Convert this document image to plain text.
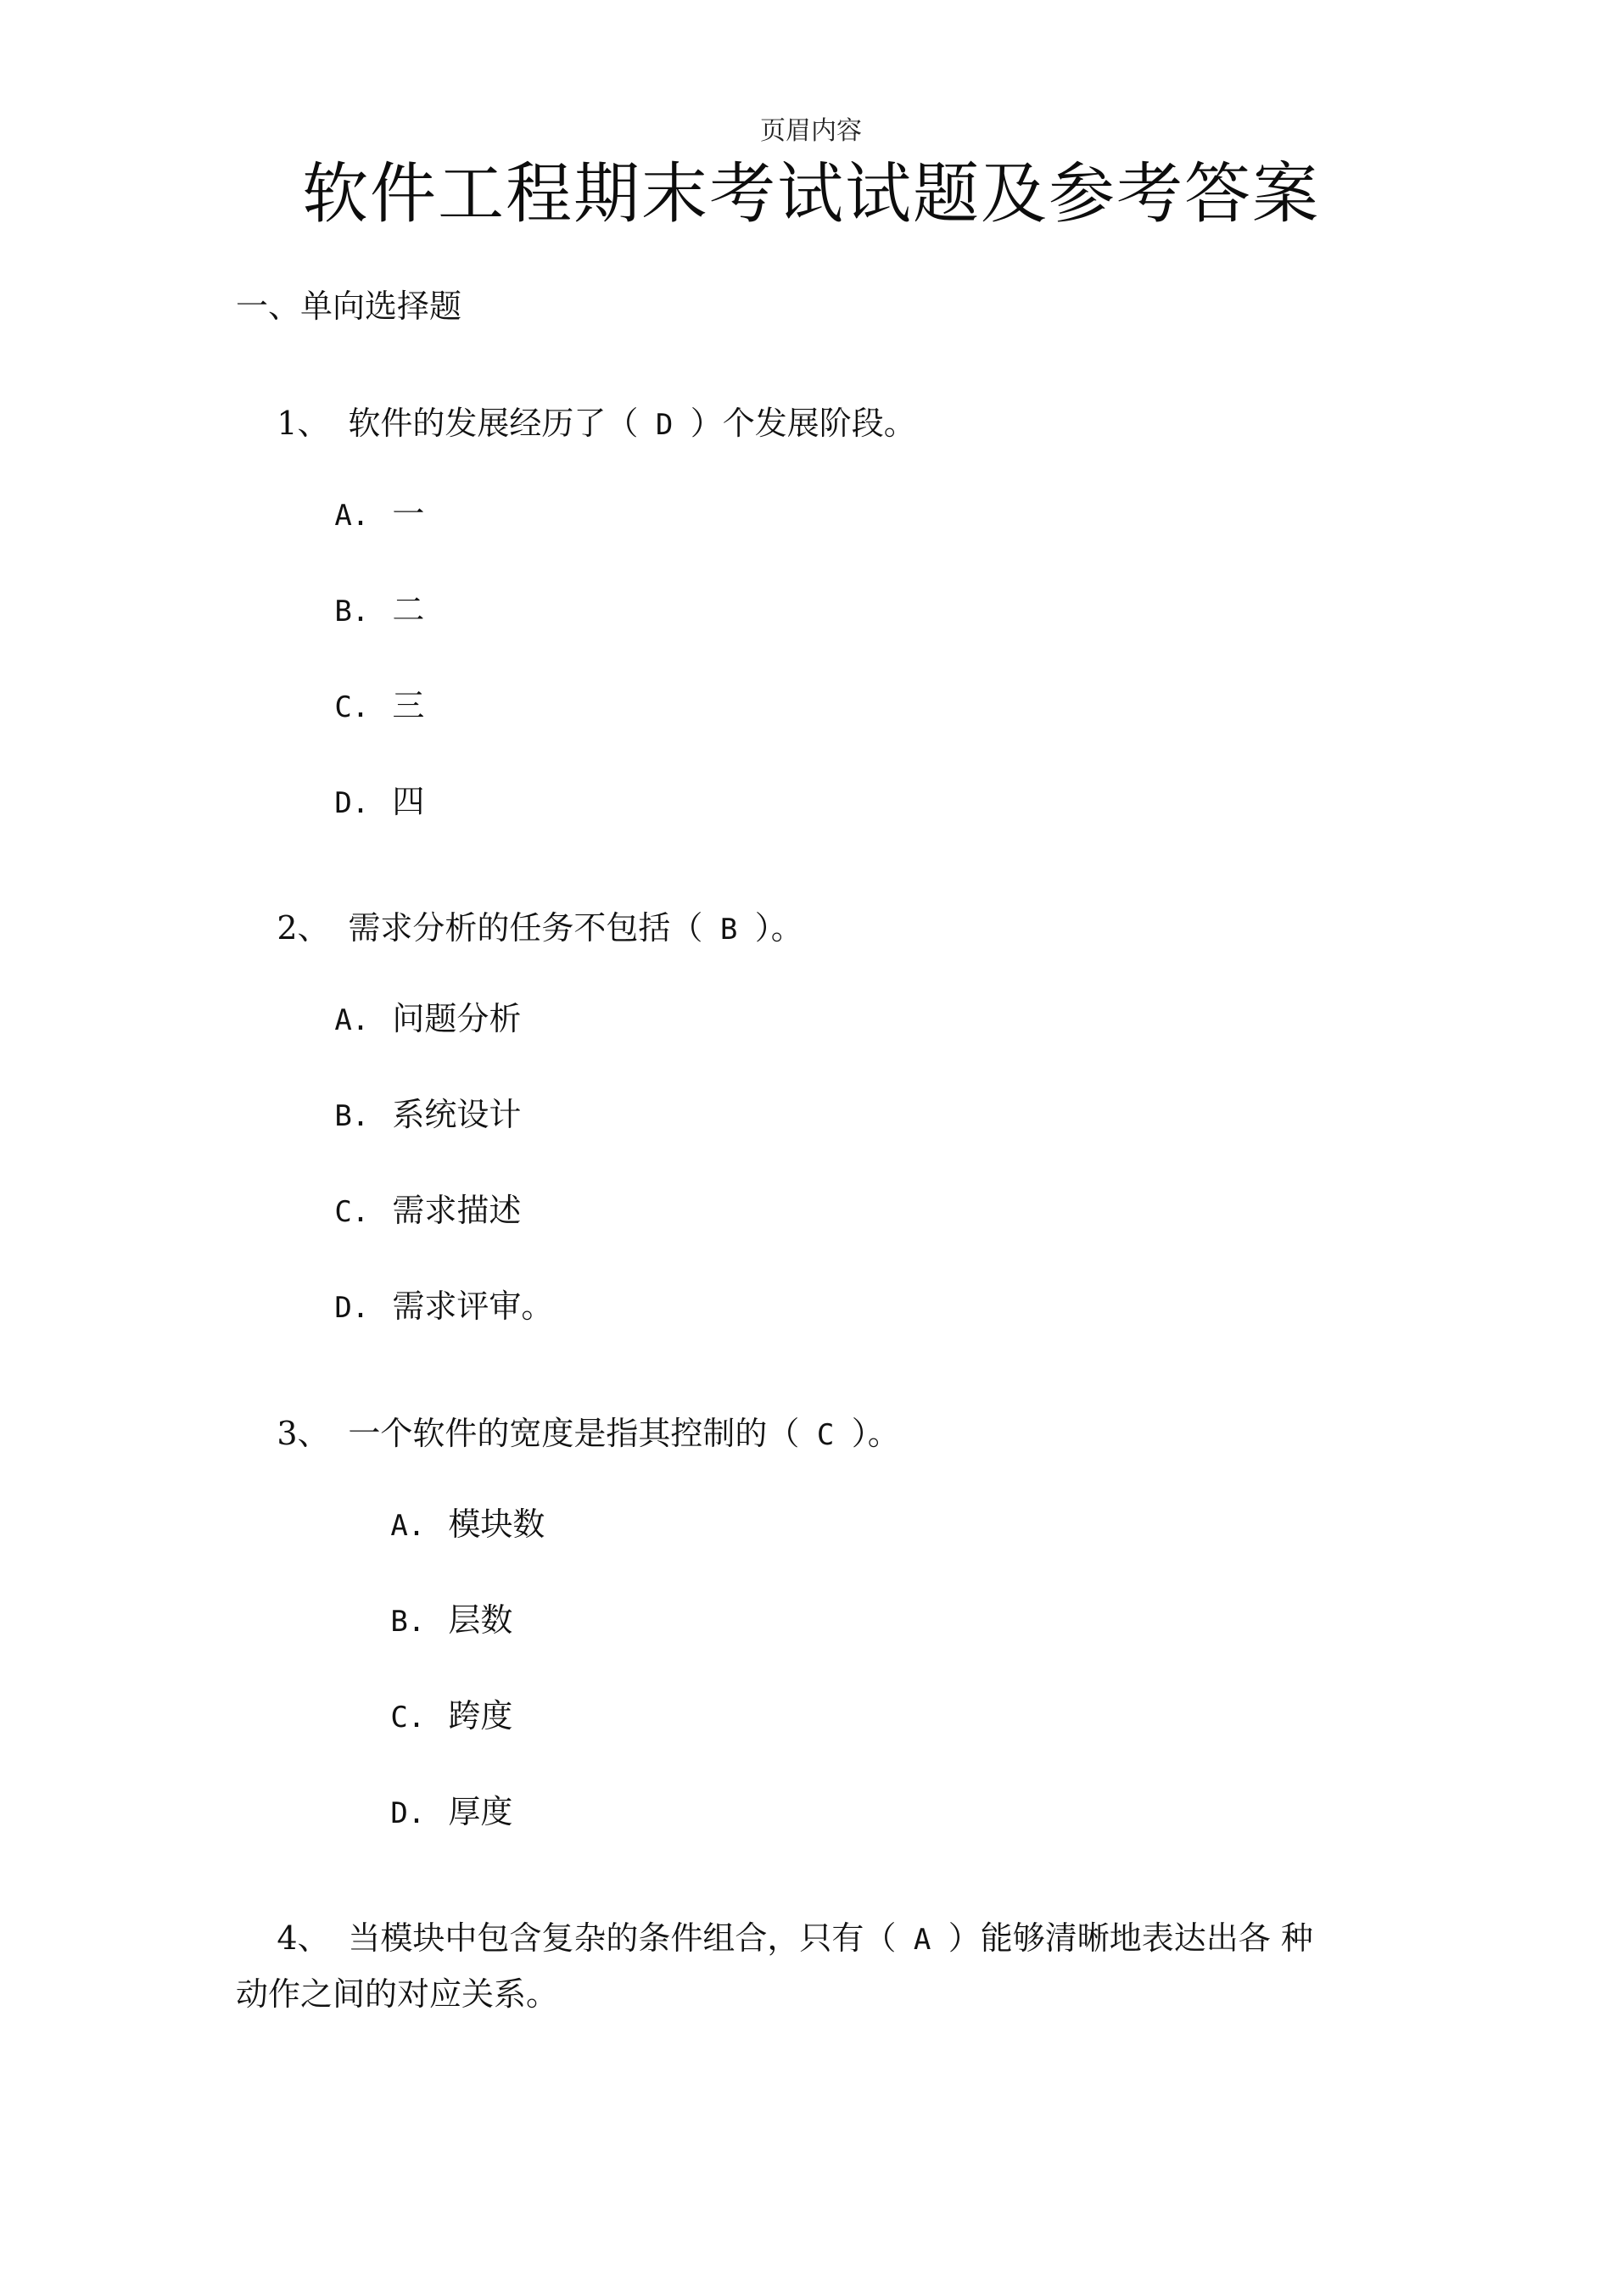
页眉内容
软件工程期末考试试题及参考答案
一、单向选择题

1、 软件的发展经历了（ D ）个发展阶段。

A. 一

B. 二

C. 三

D. 四

2、 需求分析的任务不包括（ B ）。

A. 问题分析

B. 系统设计

C. 需求描述

D. 需求评审。

3、 一个软件的宽度是指其控制的（ C ）。

A. 模块数

B. 层数

C. 跨度

D. 厚度

4、 当模块中包含复杂的条件组合，只有（ A ）能够清晰地表达出各 种

动作之间的对应关系。
